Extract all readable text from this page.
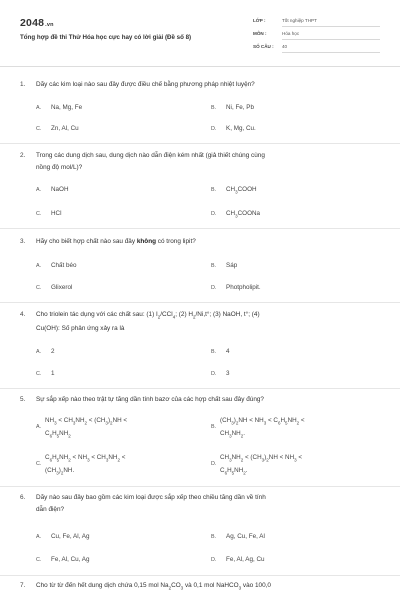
2048.vn
Tổng hợp đề thi Thử Hóa học cực hay có lời giải (Đề số 8)
LỚP :	Tốt nghiệp THPT
MÔN :	Hóa học
SỐ CÂU : 40
1. Dãy các kim loại nào sau đây được điều chế bằng phương pháp nhiệt luyện?
A. Na, Mg, Fe	B. Ni, Fe, Pb
C. Zn, Al, Cu	D. K, Mg, Cu.
2. Trong các dung dịch sau, dung dịch nào dẫn điện kém nhất (giả thiết chúng cùng
nồng độ mol/L)?
A. NaOH	B. $CH_3COOH$
C. HCl	D. $CH_3COONa$
3. Hãy cho biết hợp chất nào sau đây không có trong lipit?
A. Chất béo	B. Sáp
C. Glixerol	D. Photpholipit.
4. Cho triolein tác dụng với các chất sau: (1) $I_2/CCl_4$; (2) $H_2/Ni,t^\circ$; (3) NaOH, t°; (4)
Cu(OH): Số phản ứng xảy ra là
A. 2	B. 4
C. 1	D. 3
5. Sự sắp xếp nào theo trật tự tăng dần tính bazơ của các hợp chất sau đây đúng?
A.
$NH_3 < CH_3NH_2 < (CH_3)_2NH$ <
$C_6H_5NH_2$
B.
$(CH_3)_2NH < NH_3 < C_6H_5NH_2$ <
$CH_3NH_2$.
C.
$C_6H_5NH_2 < NH_3 < CH_3NH_2$ <
$(CH_3)_2NH$.
D.
$CH_3NH_2 < (CH_3)_2NH < NH_3$ <
$C_6H_5NH_2$.
6. Dãy nào sau đây bao gồm các kim loại được sắp xếp theo chiều tăng dần về tính
dẫn điện?
A. Cu, Fe, Al, Ag	B. Ag, Cu, Fe, Al
C. Fe, Al, Cu, Ag	D. Fe, Al, Ag, Cu
7. Cho từ từ đến hết dung dịch chứa 0,15 mol $Na_2CO_3$ và 0,1 mol NaHCO$_3$ vào 100,0
